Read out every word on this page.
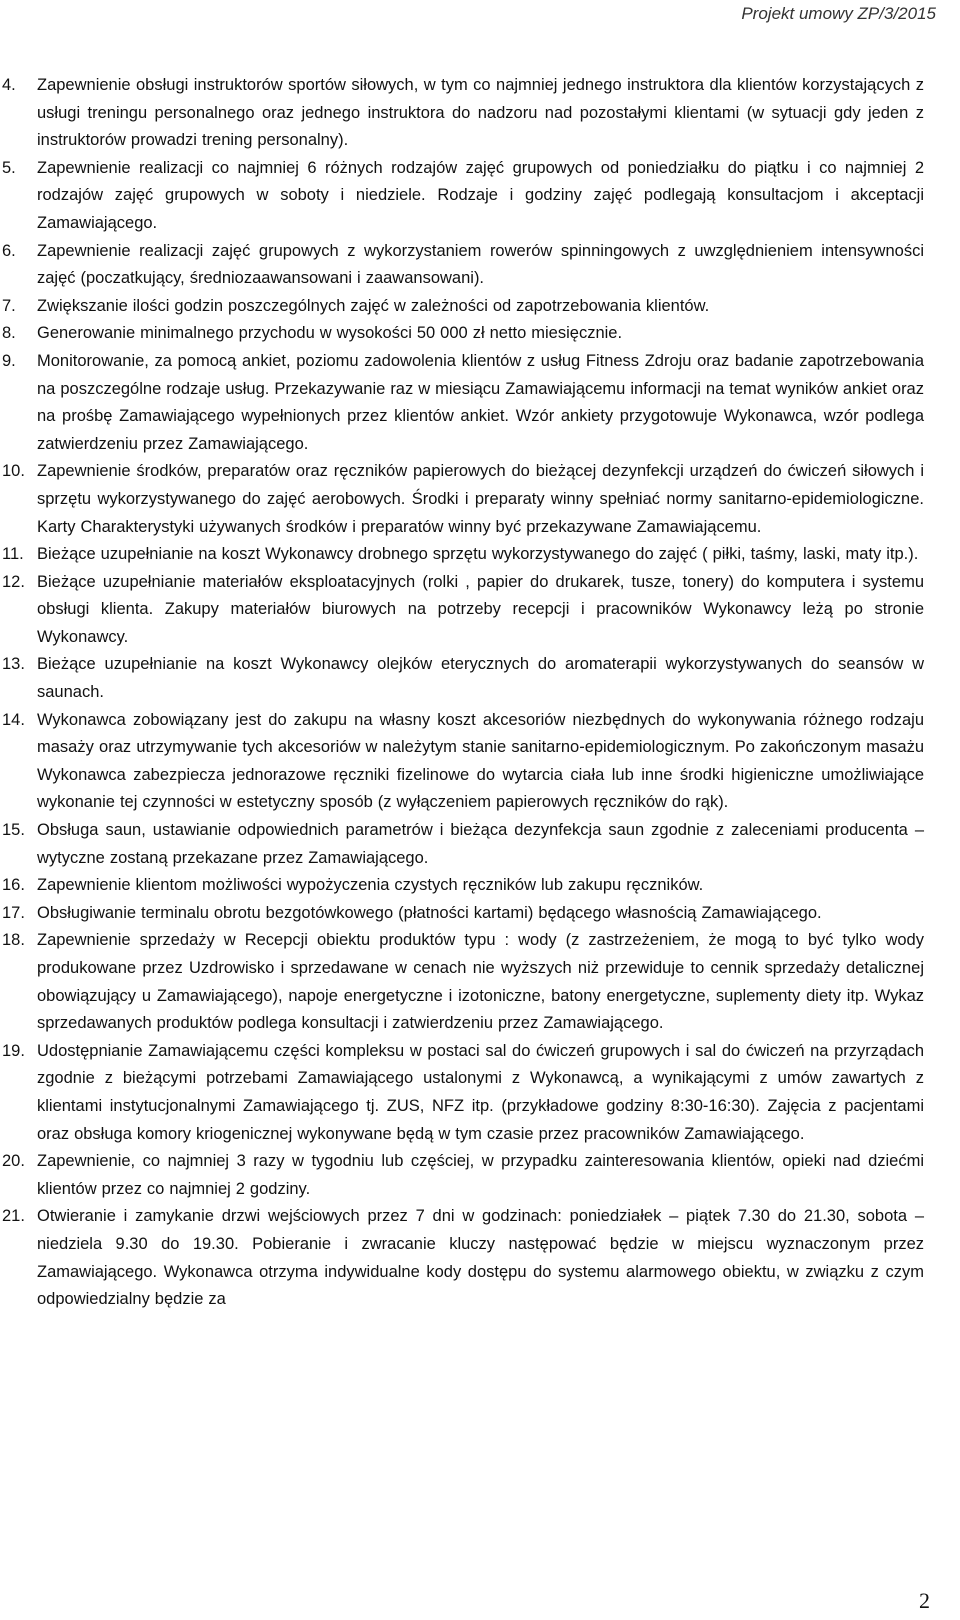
Projekt umowy ZP/3/2015
4.	Zapewnienie obsługi instruktorów sportów siłowych, w tym co najmniej jednego instruktora dla klientów korzystających z usługi treningu personalnego oraz jednego instruktora do nadzoru nad pozostałymi klientami (w sytuacji gdy jeden z instruktorów prowadzi trening personalny).
5.	Zapewnienie realizacji co najmniej 6 różnych rodzajów zajęć grupowych od poniedziałku do piątku i co najmniej 2 rodzajów zajęć grupowych w soboty i niedziele. Rodzaje i godziny zajęć podlegają konsultacjom i akceptacji Zamawiającego.
6.	Zapewnienie realizacji zajęć grupowych z wykorzystaniem rowerów spinningowych z uwzględnieniem intensywności zajęć (poczatkujący, średniozaawansowani i zaawansowani).
7.	Zwiększanie ilości godzin poszczególnych zajęć w zależności od zapotrzebowania klientów.
8.	Generowanie minimalnego przychodu w wysokości 50 000 zł netto miesięcznie.
9.	Monitorowanie, za pomocą ankiet, poziomu zadowolenia klientów z usług Fitness Zdroju oraz badanie zapotrzebowania na poszczególne rodzaje usług. Przekazywanie raz w miesiącu Zamawiającemu informacji na temat wyników ankiet oraz na prośbę Zamawiającego wypełnionych przez klientów ankiet. Wzór ankiety przygotowuje Wykonawca, wzór podlega zatwierdzeniu przez Zamawiającego.
10. Zapewnienie środków, preparatów oraz ręczników papierowych do bieżącej dezynfekcji urządzeń do ćwiczeń siłowych i sprzętu wykorzystywanego do zajęć aerobowych. Środki i preparaty winny spełniać normy sanitarno-epidemiologiczne. Karty Charakterystyki używanych środków i preparatów winny być przekazywane Zamawiającemu.
11. Bieżące uzupełnianie na koszt Wykonawcy drobnego sprzętu wykorzystywanego do zajęć ( piłki, taśmy, laski, maty itp.).
12. Bieżące uzupełnianie materiałów eksploatacyjnych (rolki , papier do drukarek, tusze, tonery) do komputera i systemu obsługi klienta. Zakupy materiałów biurowych na potrzeby recepcji i pracowników Wykonawcy leżą po stronie Wykonawcy.
13. Bieżące uzupełnianie na koszt Wykonawcy olejków eterycznych do aromaterapii wykorzystywanych do seansów w saunach.
14. Wykonawca zobowiązany jest do zakupu na własny koszt akcesoriów niezbędnych do wykonywania różnego rodzaju masaży oraz utrzymywanie tych akcesoriów w należytym stanie sanitarno-epidemiologicznym. Po zakończonym masażu Wykonawca zabezpiecza jednorazowe ręczniki fizelinowe do wytarcia ciała lub inne środki higieniczne umożliwiające wykonanie tej czynności w estetyczny sposób (z wyłączeniem papierowych ręczników do rąk).
15. Obsługa saun, ustawianie odpowiednich parametrów i bieżąca dezynfekcja saun zgodnie z zaleceniami producenta – wytyczne zostaną przekazane przez Zamawiającego.
16. Zapewnienie klientom możliwości wypożyczenia czystych ręczników lub zakupu ręczników.
17. Obsługiwanie terminalu obrotu bezgotówkowego (płatności kartami) będącego własnością Zamawiającego.
18. Zapewnienie sprzedaży w Recepcji obiektu produktów typu : wody (z zastrzeżeniem, że mogą to być tylko wody produkowane przez Uzdrowisko i sprzedawane w cenach nie wyższych niż przewiduje to cennik sprzedaży detalicznej obowiązujący u Zamawiającego), napoje energetyczne i izotoniczne, batony energetyczne, suplementy diety itp. Wykaz sprzedawanych produktów podlega konsultacji i zatwierdzeniu przez Zamawiającego.
19. Udostępnianie Zamawiającemu części kompleksu w postaci sal do ćwiczeń grupowych i sal do ćwiczeń na przyrządach zgodnie z bieżącymi potrzebami Zamawiającego ustalonymi z Wykonawcą, a wynikającymi z umów zawartych z klientami instytucjonalnymi Zamawiającego tj. ZUS, NFZ itp. (przykładowe godziny 8:30-16:30). Zajęcia z pacjentami oraz obsługa komory kriogenicznej wykonywane będą w tym czasie przez pracowników Zamawiającego.
20. Zapewnienie, co najmniej 3 razy w tygodniu lub częściej, w przypadku zainteresowania klientów, opieki nad dziećmi klientów przez co najmniej 2 godziny.
21. Otwieranie i zamykanie drzwi wejściowych przez 7 dni w godzinach: poniedziałek – piątek 7.30 do 21.30, sobota – niedziela 9.30 do 19.30. Pobieranie i zwracanie kluczy następować będzie w miejscu wyznaczonym przez Zamawiającego. Wykonawca otrzyma indywidualne kody dostępu do systemu alarmowego obiektu, w związku z czym odpowiedzialny będzie za
2
